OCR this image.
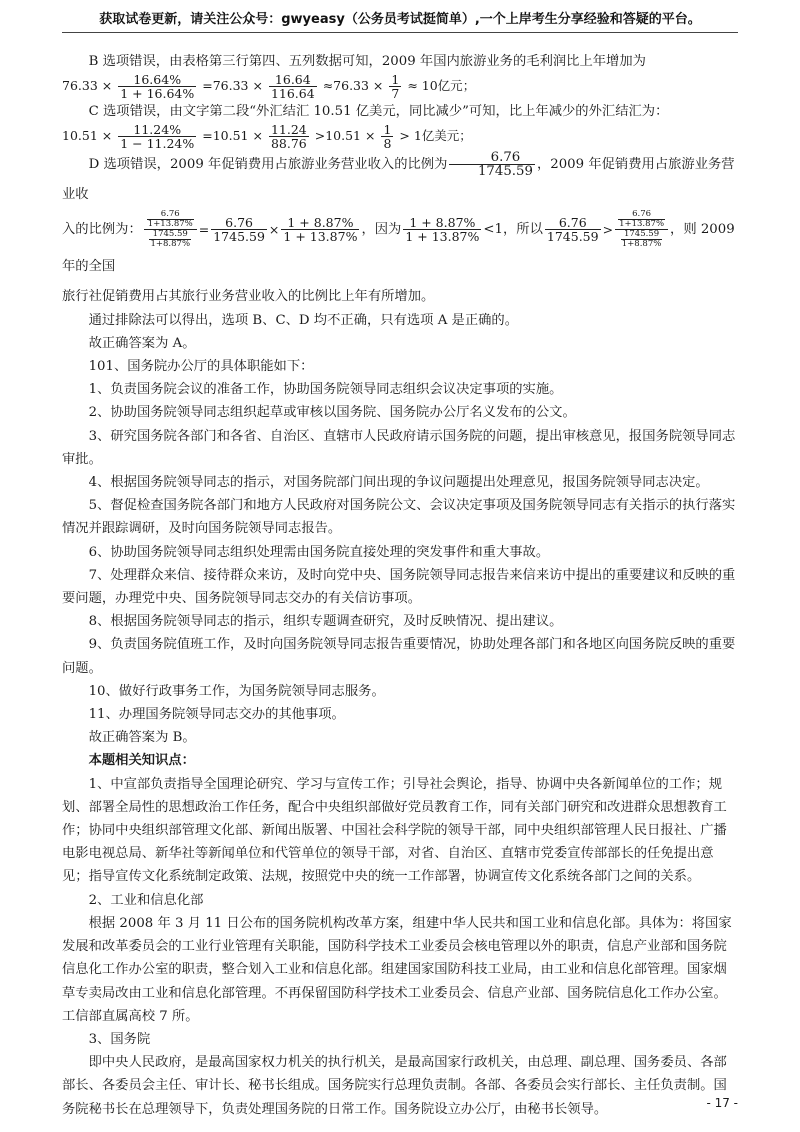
获取试卷更新，请关注公众号：gwyeasy（公务员考试挺简单）,一个上岸考生分享经验和答疑的平台。

B 选项错误，由表格第三行第四、五列数据可知，2009 年国内旅游业务的毛利润比上年增加为

$76.33 \times \frac{16.64\%}{1 + 16.64\%} =76.33 \times \frac{16.64}{116.64} \approx 76.33 \times \frac{1}{7} \approx 10$亿元；

C 选项错误，由文字第二段“外汇结汇 10.51 亿美元，同比减少”可知，比上年减少的外汇结汇为：

$10.51 \times \frac{11.24\%}{1 - 11.24\%} =10.51 \times \frac{11.24}{88.76} >10.51 \times \frac{1}{8} > 1$亿美元；

D 选项错误，2009 年促销费用占旅游业务营业收入的比例为 $\frac{6.76}{1745.59}$ ，2009 年促销费用占旅游业务营业收

入的比例为： $\frac{\frac{6.76}{1+13.87\%}}{\frac{1745.59}{1+8.87\%}} = \frac{6.76}{1745.59} \times \frac{1 + 8.87\%}{1 + 13.87\%}$ ，因为 $\frac{1 + 8.87\%}{1 + 13.87\%} <1$，所以 $\frac{6.76}{1745.59} > \frac{\frac{6.76}{1+13.87\%}}{\frac{1745.59}{1+8.87\%}}$ ，则 2009 年的全国

旅行社促销费用占其旅行业务营业收入的比例比上年有所增加。

通过排除法可以得出，选项 B、C、D 均不正确，只有选项 A 是正确的。

故正确答案为 A。

101、国务院办公厅的具体职能如下：

1、负责国务院会议的准备工作，协助国务院领导同志组织会议决定事项的实施。

2、协助国务院领导同志组织起草或审核以国务院、国务院办公厅名义发布的公文。

3、研究国务院各部门和各省、自治区、直辖市人民政府请示国务院的问题，提出审核意见，报国务院领导同志审批。

4、根据国务院领导同志的指示，对国务院部门间出现的争议问题提出处理意见，报国务院领导同志决定。

5、督促检查国务院各部门和地方人民政府对国务院公文、会议决定事项及国务院领导同志有关指示的执行落实情况并跟踪调研，及时向国务院领导同志报告。

6、协助国务院领导同志组织处理需由国务院直接处理的突发事件和重大事故。

7、处理群众来信、接待群众来访，及时向党中央、国务院领导同志报告来信来访中提出的重要建议和反映的重要问题，办理党中央、国务院领导同志交办的有关信访事项。

8、根据国务院领导同志的指示，组织专题调查研究，及时反映情况、提出建议。

9、负责国务院值班工作，及时向国务院领导同志报告重要情况，协助处理各部门和各地区向国务院反映的重要问题。

10、做好行政事务工作，为国务院领导同志服务。

11、办理国务院领导同志交办的其他事项。

故正确答案为 B。

本题相关知识点：

1、中宣部负责指导全国理论研究、学习与宣传工作；引导社会舆论，指导、协调中央各新闻单位的工作；规划、部署全局性的思想政治工作任务，配合中央组织部做好党员教育工作，同有关部门研究和改进群众思想教育工作；协同中央组织部管理文化部、新闻出版署、中国社会科学院的领导干部，同中央组织部管理人民日报社、广播电影电视总局、新华社等新闻单位和代管单位的领导干部，对省、自治区、直辖市党委宣传部部长的任免提出意见；指导宣传文化系统制定政策、法规，按照党中央的统一工作部署，协调宣传文化系统各部门之间的关系。

2、工业和信息化部

根据 2008 年 3 月 11 日公布的国务院机构改革方案，组建中华人民共和国工业和信息化部。具体为：将国家发展和改革委员会的工业行业管理有关职能，国防科学技术工业委员会核电管理以外的职责，信息产业部和国务院信息化工作办公室的职责，整合划入工业和信息化部。组建国家国防科技工业局，由工业和信息化部管理。国家烟草专卖局改由工业和信息化部管理。不再保留国防科学技术工业委员会、信息产业部、国务院信息化工作办公室。工信部直属高校 7 所。

3、国务院

即中央人民政府，是最高国家权力机关的执行机关，是最高国家行政机关，由总理、副总理、国务委员、各部部长、各委员会主任、审计长、秘书长组成。国务院实行总理负责制。各部、各委员会实行部长、主任负责制。国务院秘书长在总理领导下，负责处理国务院的日常工作。国务院设立办公厅，由秘书长领导。	- 17 -
